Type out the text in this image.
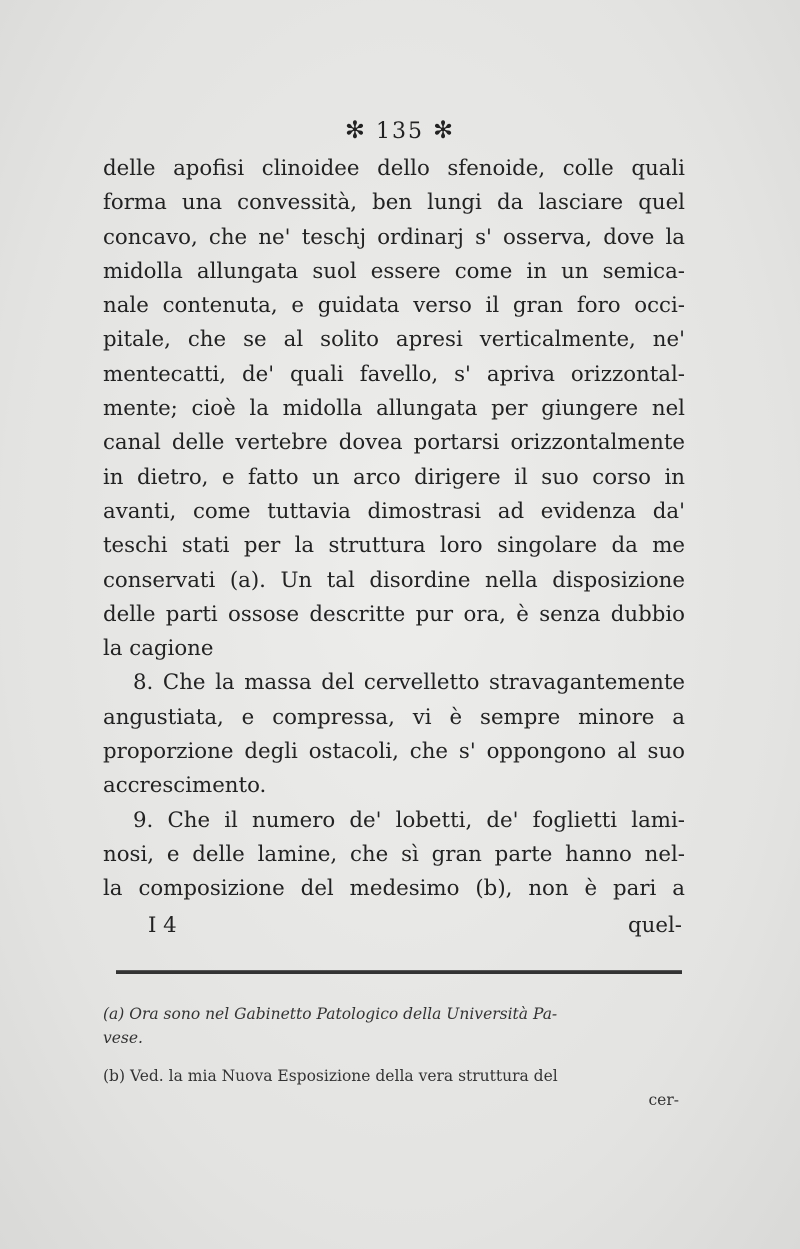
✻ 135 ✻
delle apofisi clinoidee dello sfenoide, colle quali
forma una convessità, ben lungi da lasciare quel
concavo, che ne' teschj ordinarj s' osserva, dove la
midolla allungata suol essere come in un semica-
nale contenuta, e guidata verso il gran foro occi-
pitale, che se al solito apresi verticalmente, ne'
mentecatti, de' quali favello, s' apriva orizzontal-
mente; cioè la midolla allungata per giungere nel
canal delle vertebre dovea portarsi orizzontalmente
in dietro, e fatto un arco dirigere il suo corso in
avanti, come tuttavia dimostrasi ad evidenza da'
teschi stati per la struttura loro singolare da me
conservati (a). Un tal disordine nella disposizione
delle parti ossose descritte pur ora, è senza dubbio
la cagione
8. Che la massa del cervelletto stravagantemente
angustiata, e compressa, vi è sempre minore a
proporzione degli ostacoli, che s' oppongono al suo
accrescimento.
9. Che il numero de' lobetti, de' foglietti lami-
nosi, e delle lamine, che sì gran parte hanno nel-
la composizione del medesimo (b), non è pari a
I 4	quel-
(a) Ora sono nel Gabinetto Patologico della Università Pa-
vese.
(b) Ved. la mia Nuova Esposizione della vera struttura del
cer-
